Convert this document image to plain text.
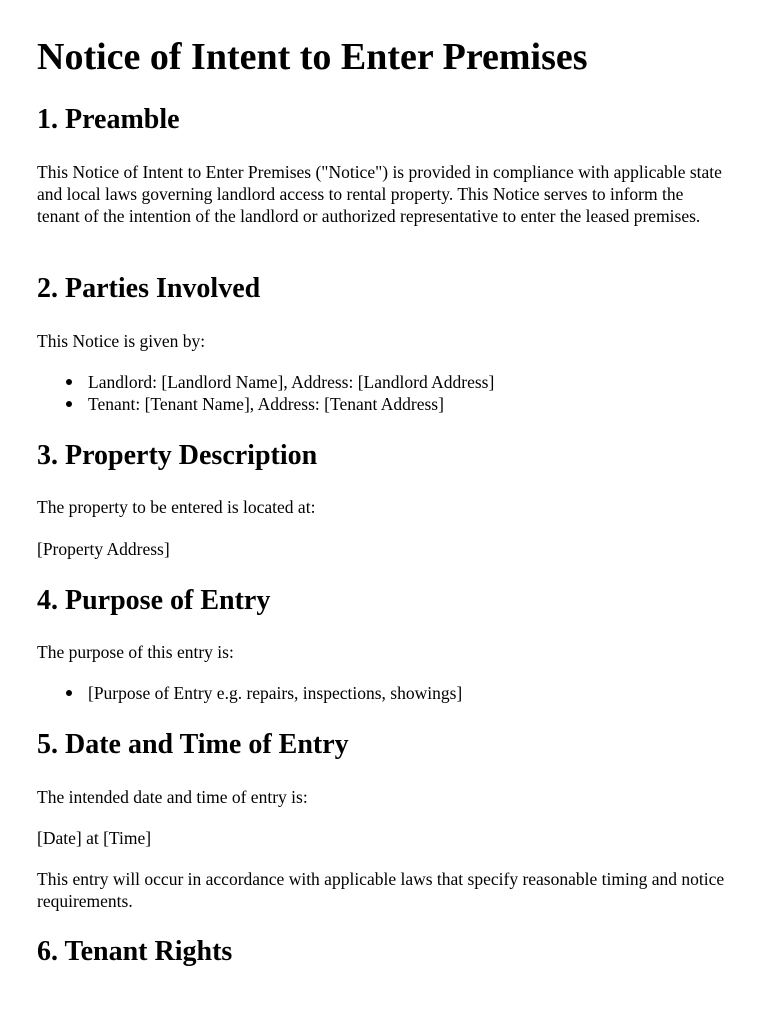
Notice of Intent to Enter Premises
1. Preamble

This Notice of Intent to Enter Premises ("Notice") is provided in compliance with applicable state and local laws governing landlord access to rental property. This Notice serves to inform the tenant of the intention of the landlord or authorized representative to enter the leased premises.

2. Parties Involved

This Notice is given by:

Landlord: [Landlord Name], Address: [Landlord Address]
Tenant: [Tenant Name], Address: [Tenant Address]
3. Property Description

The property to be entered is located at:

[Property Address]

4. Purpose of Entry

The purpose of this entry is:

[Purpose of Entry e.g. repairs, inspections, showings]
5. Date and Time of Entry

The intended date and time of entry is:

[Date] at [Time]

This entry will occur in accordance with applicable laws that specify reasonable timing and notice requirements.

6. Tenant Rights
